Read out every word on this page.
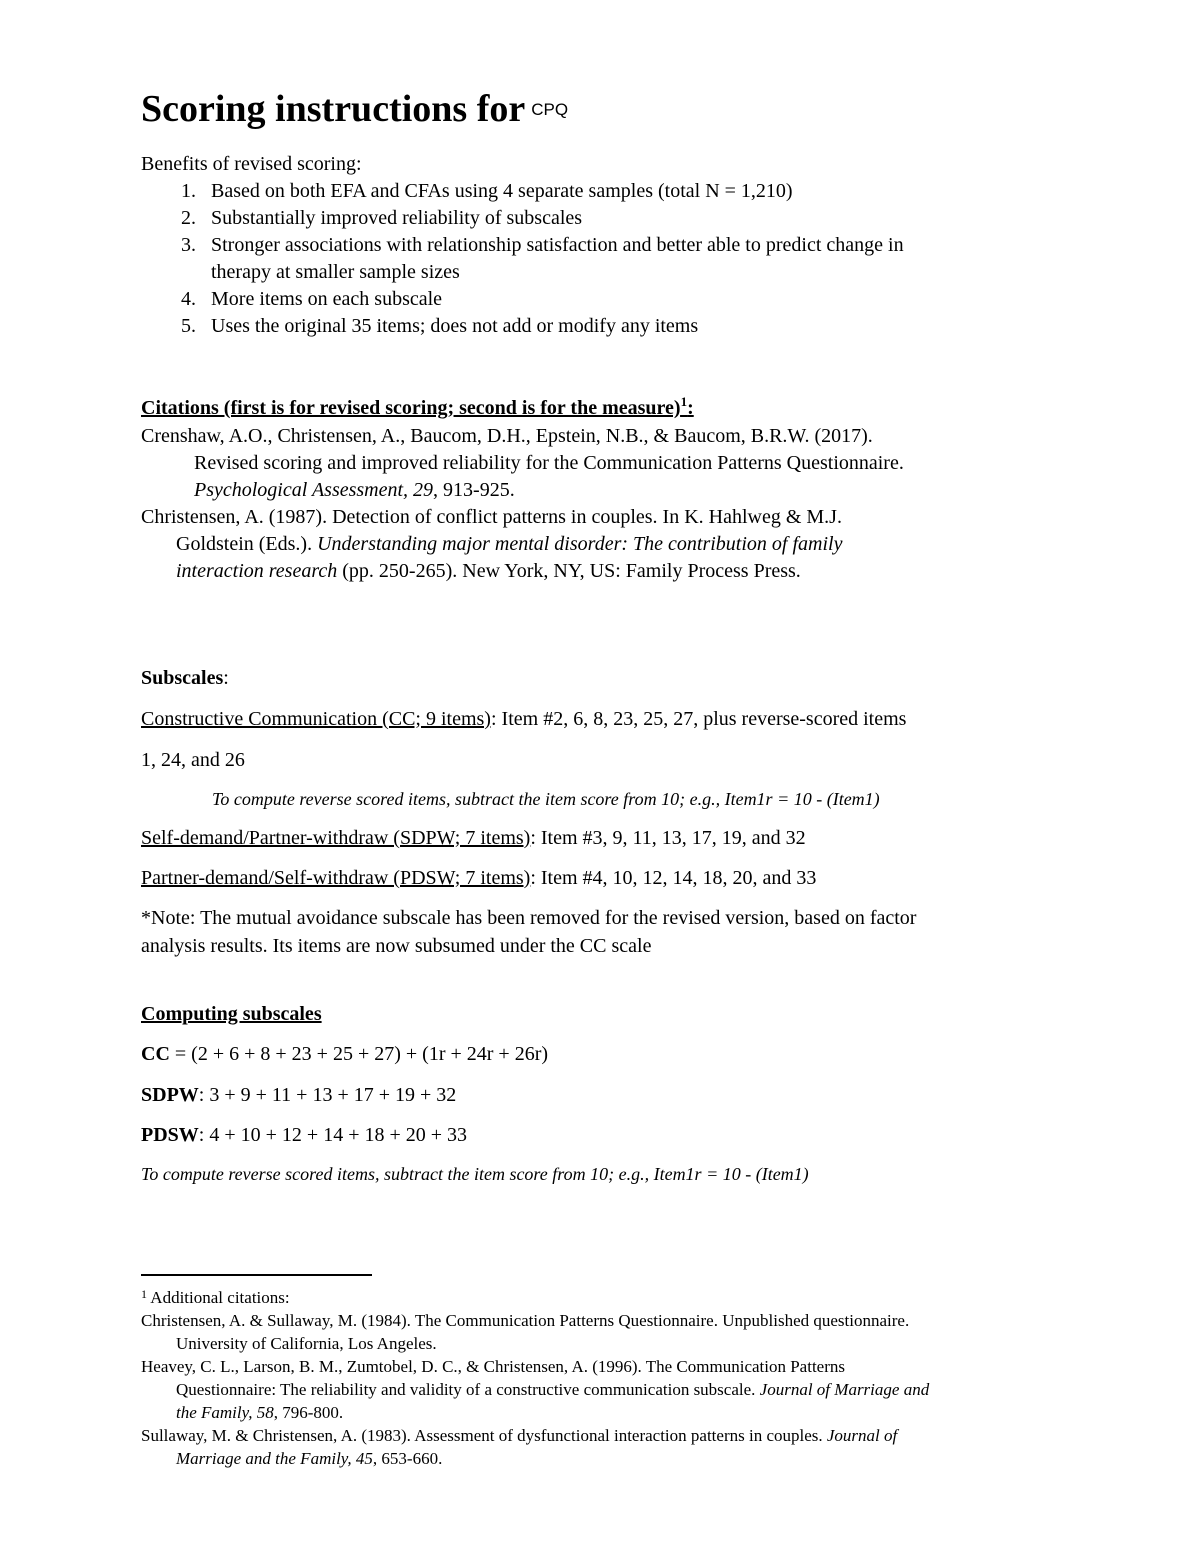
Scoring instructions for CPQ

Benefits of revised scoring:

1. Based on both EFA and CFAs using 4 separate samples (total N = 1,210)
2. Substantially improved reliability of subscales
3. Stronger associations with relationship satisfaction and better able to predict change in
therapy at smaller sample sizes
4. More items on each subscale
5. Uses the original 35 items; does not add or modify any items

Citations (first is for revised scoring; second is for the measure)$^1$:

Crenshaw, A.O., Christensen, A., Baucom, D.H., Epstein, N.B., & Baucom, B.R.W. (2017).

Revised scoring and improved reliability for the Communication Patterns Questionnaire.

Psychological Assessment, 29, 913-925.

Christensen, A. (1987). Detection of conflict patterns in couples. In K. Hahlweg & M.J.

Goldstein (Eds.). Understanding major mental disorder: The contribution of family

interaction research (pp. 250-265). New York, NY, US: Family Process Press.

Subscales:

Constructive Communication (CC; 9 items): Item #2, 6, 8, 23, 25, 27, plus reverse-scored items

1, 24, and 26

To compute reverse scored items, subtract the item score from 10; e.g., Item1r = 10 - (Item1)

Self-demand/Partner-withdraw (SDPW; 7 items): Item #3, 9, 11, 13, 17, 19, and 32

Partner-demand/Self-withdraw (PDSW; 7 items): Item #4, 10, 12, 14, 18, 20, and 33

*Note: The mutual avoidance subscale has been removed for the revised version, based on factor

analysis results. Its items are now subsumed under the CC scale

Computing subscales

CC = (2 + 6 + 8 + 23 + 25 + 27) + (1r + 24r + 26r)

SDPW: 3 + 9 + 11 + 13 + 17 + 19 + 32

PDSW: 4 + 10 + 12 + 14 + 18 + 20 + 33

To compute reverse scored items, subtract the item score from 10; e.g., Item1r = 10 - (Item1)

$^1$ Additional citations:

Christensen, A. & Sullaway, M. (1984). The Communication Patterns Questionnaire. Unpublished questionnaire.

University of California, Los Angeles.

Heavey, C. L., Larson, B. M., Zumtobel, D. C., & Christensen, A. (1996). The Communication Patterns

Questionnaire: The reliability and validity of a constructive communication subscale. Journal of Marriage and

the Family, 58, 796-800.

Sullaway, M. & Christensen, A. (1983). Assessment of dysfunctional interaction patterns in couples. Journal of

Marriage and the Family, 45, 653-660.
